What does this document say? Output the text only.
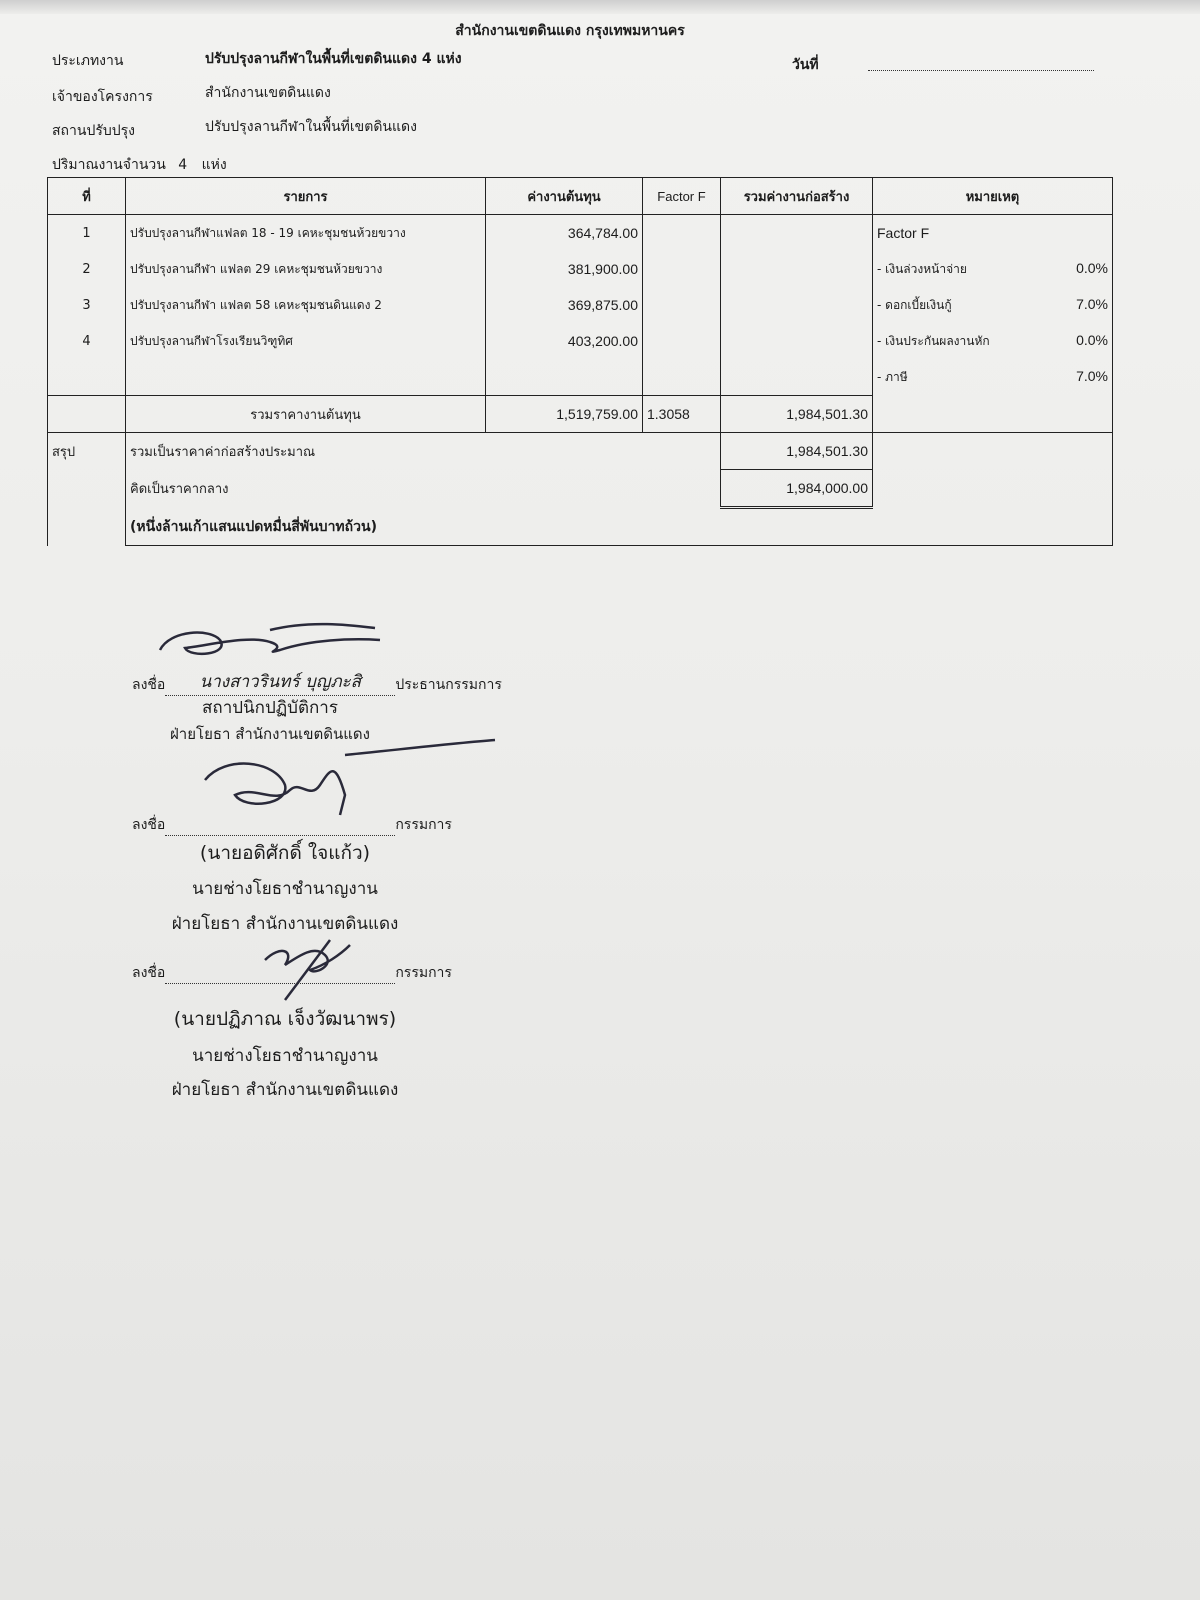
สำนักงานเขตดินแดง กรุงเทพมหานคร
ประเภทงาน	ปรับปรุงลานกีฬาในพื้นที่เขตดินแดง 4 แห่ง	วันที่
เจ้าของโครงการ	สำนักงานเขตดินแดง
สถานปรับปรุง	ปรับปรุงลานกีฬาในพื้นที่เขตดินแดง
ปริมาณงานจำนวน 4 แห่ง
ที่	รายการ	ค่างานต้นทุน	Factor F	รวมค่างานก่อสร้าง	หมายเหตุ
1	ปรับปรุงลานกีฬาแฟลต 18 - 19 เคหะชุมชนห้วยขวาง	364,784.00			Factor F
2	ปรับปรุงลานกีฬา แฟลต 29 เคหะชุมชนห้วยขวาง	381,900.00			- เงินล่วงหน้าจ่าย 0.0%

3	ปรับปรุงลานกีฬา แฟลต 58 เคหะชุมชนดินแดง 2	369,875.00			- ดอกเบี้ยเงินกู้ 7.0%

4	ปรับปรุงลานกีฬาโรงเรียนวิฑูทิศ	403,200.00			- เงินประกันผลงานหัก 0.0%

					- ภาษี 7.0%

	รวมราคางานต้นทุน	1,519,759.00	1.3058	1,984,501.30	
สรุป	รวมเป็นราคาค่าก่อสร้างประมาณ			1,984,501.30	
	คิดเป็นราคากลาง			1,984,000.00	
	(หนึ่งล้านเก้าแสนแปดหมื่นสี่พันบาทถ้วน)				
ลงชื่อ นางสาวรินทร์ บุญภะสิ ประธานกรรมการ
สถาปนิกปฏิบัติการ
ฝ่ายโยธา สำนักงานเขตดินแดง
ลงชื่อ	กรรมการ
(นายอดิศักดิ์ ใจแก้ว)
นายช่างโยธาชำนาญงาน
ฝ่ายโยธา สำนักงานเขตดินแดง
ลงชื่อ	กรรมการ
(นายปฏิภาณ เจ็งวัฒนาพร)
นายช่างโยธาชำนาญงาน
ฝ่ายโยธา สำนักงานเขตดินแดง
